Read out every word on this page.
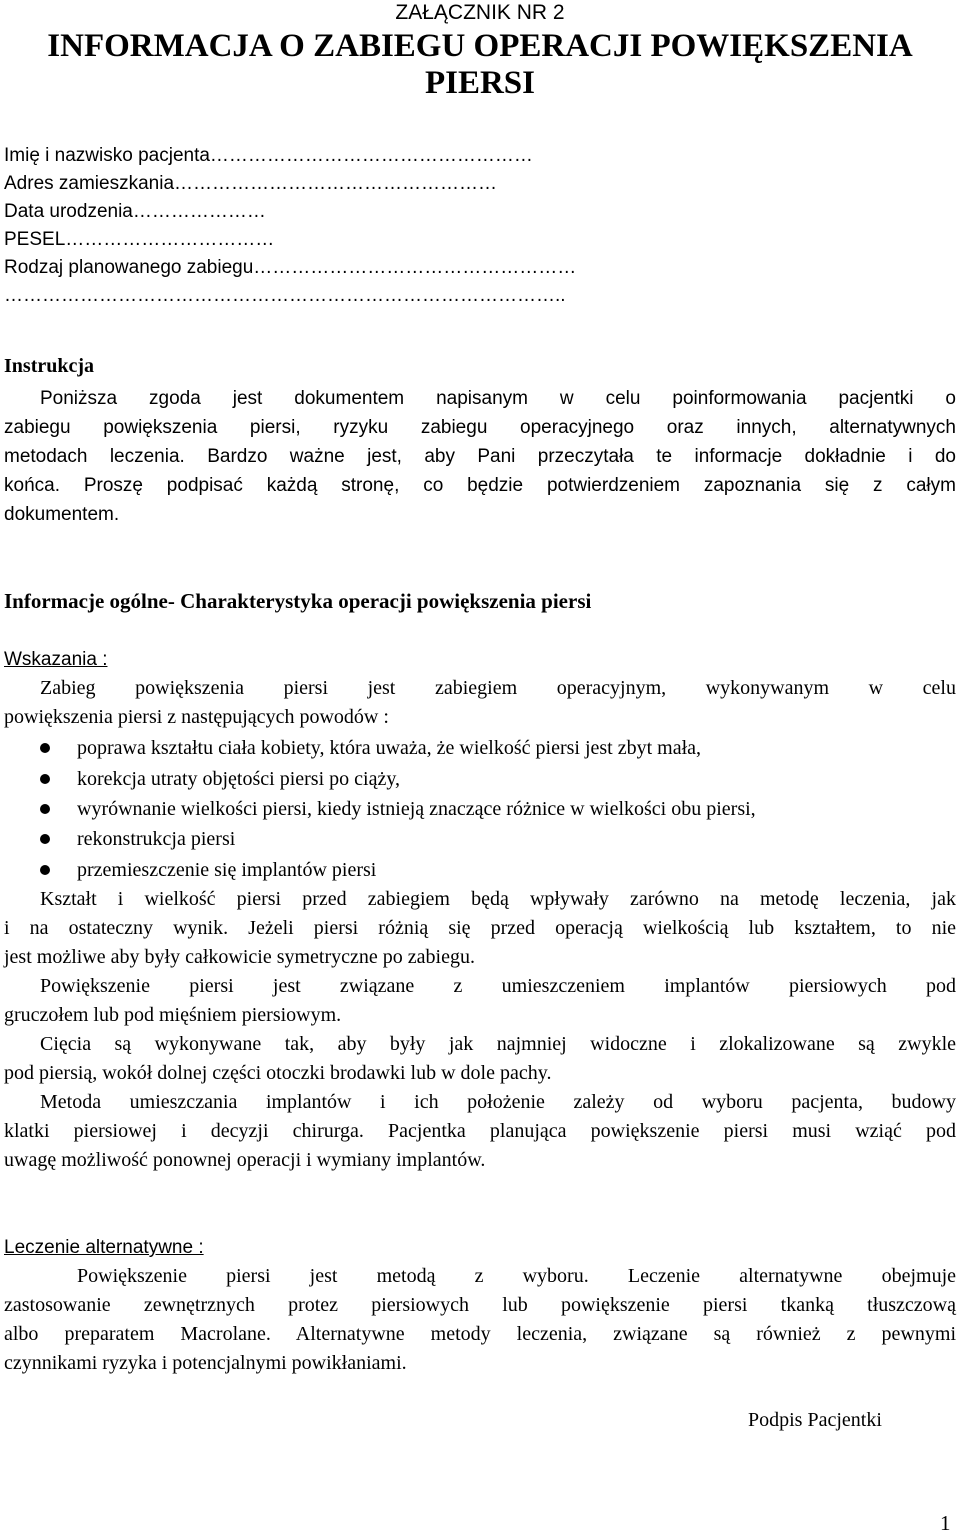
ZAŁĄCZNIK NR 2
INFORMACJA O ZABIEGU OPERACJI POWIĘKSZENIA
PIERSI
Imię i nazwisko pacjenta……………………………………………
Adres zamieszkania……………………………………………
Data urodzenia…………………
PESEL……………………………
Rodzaj planowanego zabiegu……………………………………………
……………………………………………………………………………..
Instrukcja
Poniższa zgoda jest dokumentem napisanym w celu poinformowania pacjentki o
zabiegu powiększenia piersi, ryzyku zabiegu operacyjnego oraz innych, alternatywnych
metodach leczenia. Bardzo ważne jest, aby Pani przeczytała te informacje dokładnie i do
końca. Proszę podpisać każdą stronę, co będzie potwierdzeniem zapoznania się z całym
dokumentem.
Informacje ogólne- Charakterystyka operacji powiększenia piersi
Wskazania :
Zabieg powiększenia piersi jest zabiegiem operacyjnym, wykonywanym w celu
powiększenia piersi z następujących powodów :
poprawa kształtu ciała kobiety, która uważa, że wielkość piersi jest zbyt mała,
korekcja utraty objętości piersi po ciąży,
wyrównanie wielkości piersi, kiedy istnieją znaczące różnice w wielkości obu piersi,
rekonstrukcja piersi
przemieszczenie się implantów piersi
Kształt i wielkość piersi przed zabiegiem będą wpływały zarówno na metodę leczenia, jak
i na ostateczny wynik. Jeżeli piersi różnią się przed operacją wielkością lub kształtem, to nie
jest możliwe aby były całkowicie symetryczne po zabiegu.
Powiększenie piersi jest związane z umieszczeniem implantów piersiowych pod
gruczołem lub pod mięśniem piersiowym.
Cięcia są wykonywane tak, aby były jak najmniej widoczne i zlokalizowane są zwykle
pod piersią, wokół dolnej części otoczki brodawki lub w dole pachy.
Metoda umieszczania implantów i ich położenie zależy od wyboru pacjenta, budowy
klatki piersiowej i decyzji chirurga. Pacjentka planująca powiększenie piersi musi wziąć pod
uwagę możliwość ponownej operacji i wymiany implantów.
Leczenie alternatywne :
Powiększenie piersi jest metodą z wyboru. Leczenie alternatywne obejmuje
zastosowanie zewnętrznych protez piersiowych lub powiększenie piersi tkanką tłuszczową
albo preparatem Macrolane. Alternatywne metody leczenia, związane są również z pewnymi
czynnikami ryzyka i potencjalnymi powikłaniami.
Podpis Pacjentki
1
